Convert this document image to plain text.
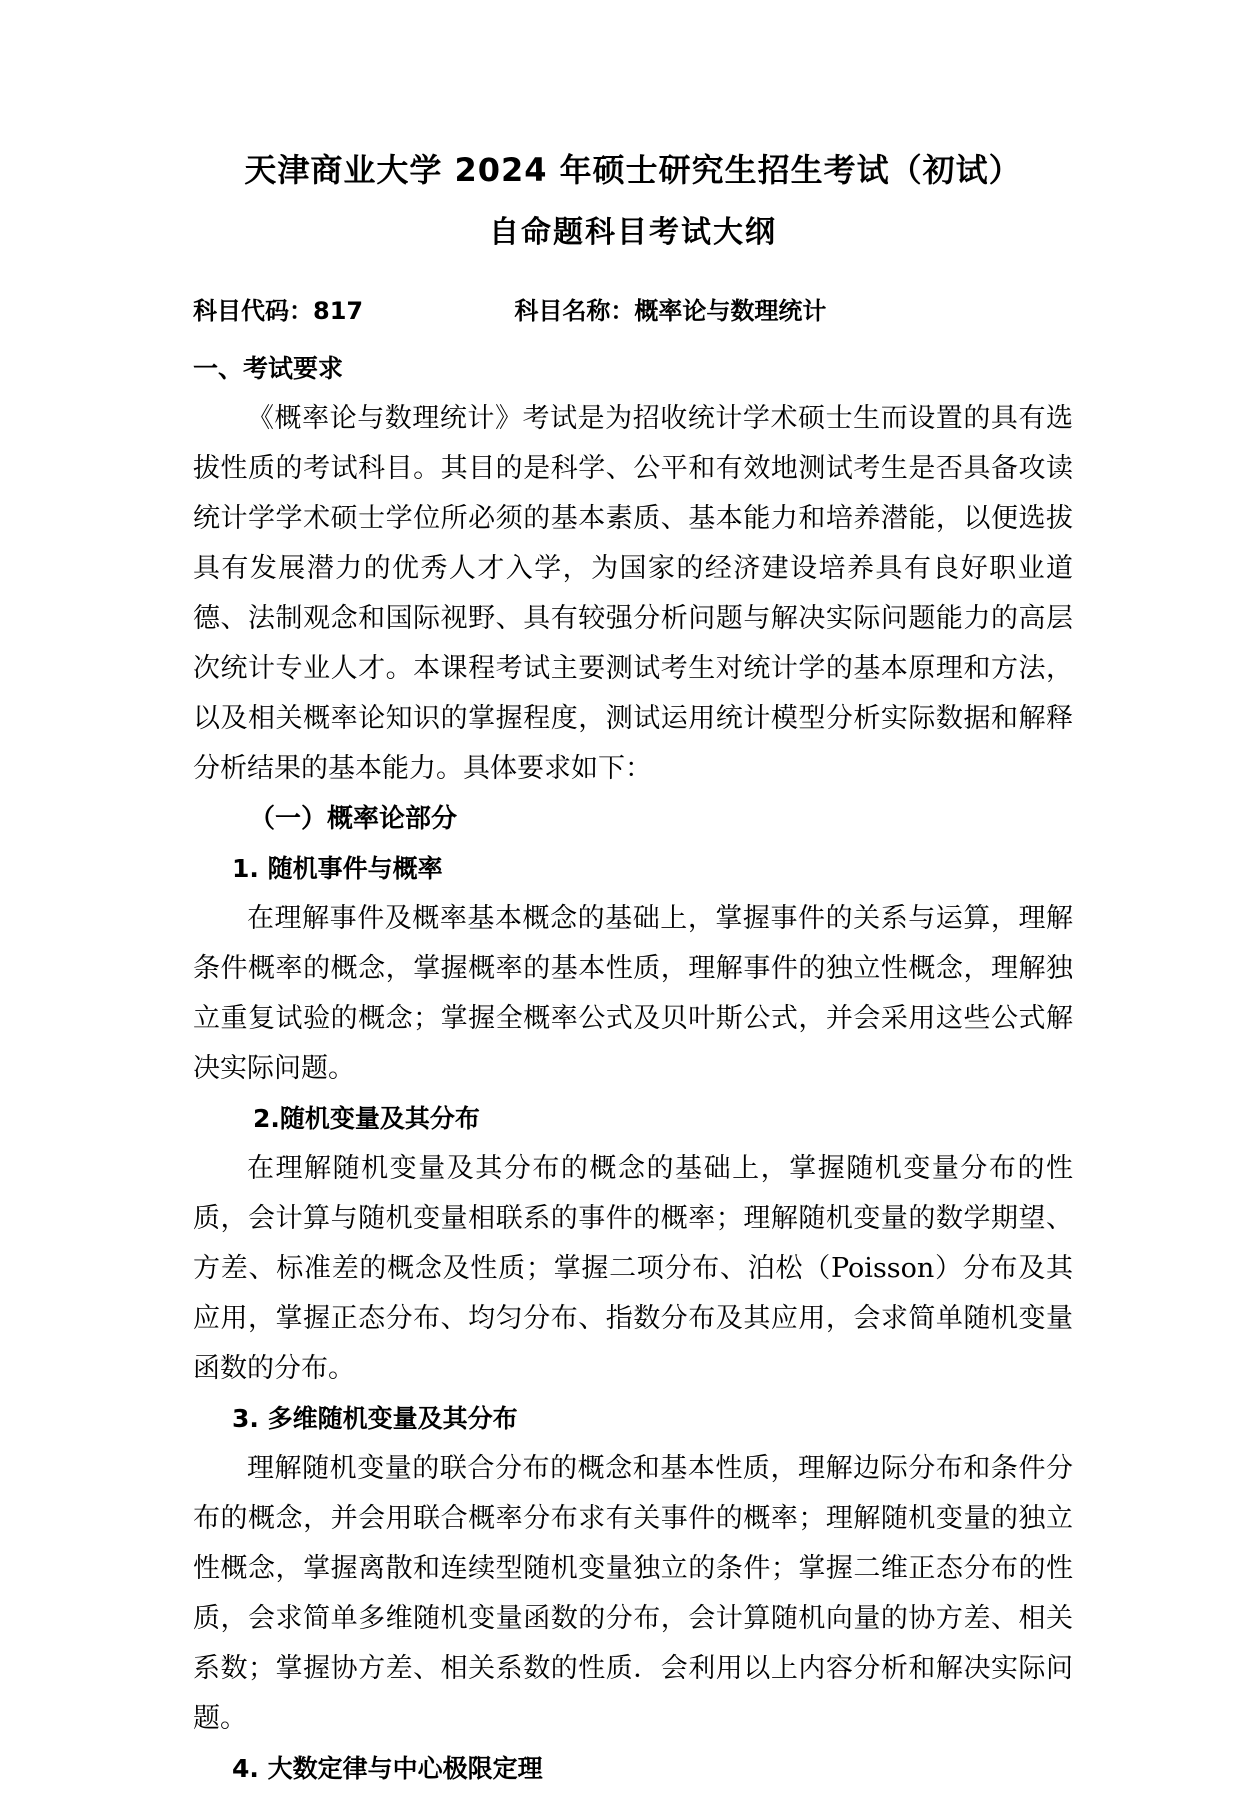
天津商业大学 2024 年硕士研究生招生考试（初试）
自命题科目考试大纲
科目代码：817	科目名称：概率论与数理统计
一、考试要求

《概率论与数理统计》考试是为招收统计学术硕士生而设置的具有选拔性质的考试科目。其目的是科学、公平和有效地测试考生是否具备攻读统计学学术硕士学位所必须的基本素质、基本能力和培养潜能，以便选拔具有发展潜力的优秀人才入学，为国家的经济建设培养具有良好职业道德、法制观念和国际视野、具有较强分析问题与解决实际问题能力的高层次统计专业人才。本课程考试主要测试考生对统计学的基本原理和方法，以及相关概率论知识的掌握程度，测试运用统计模型分析实际数据和解释分析结果的基本能力。具体要求如下：

（一）概率论部分
1. 随机事件与概率

在理解事件及概率基本概念的基础上，掌握事件的关系与运算，理解条件概率的概念，掌握概率的基本性质，理解事件的独立性概念，理解独立重复试验的概念；掌握全概率公式及贝叶斯公式，并会采用这些公式解决实际问题。

2.随机变量及其分布

在理解随机变量及其分布的概念的基础上，掌握随机变量分布的性质，会计算与随机变量相联系的事件的概率；理解随机变量的数学期望、方差、标准差的概念及性质；掌握二项分布、泊松（Poisson）分布及其应用，掌握正态分布、均匀分布、指数分布及其应用，会求简单随机变量函数的分布。

3. 多维随机变量及其分布

理解随机变量的联合分布的概念和基本性质，理解边际分布和条件分布的概念，并会用联合概率分布求有关事件的概率；理解随机变量的独立性概念，掌握离散和连续型随机变量独立的条件；掌握二维正态分布的性质，会求简单多维随机变量函数的分布，会计算随机向量的协方差、相关系数；掌握协方差、相关系数的性质．会利用以上内容分析和解决实际问题。

4. 大数定律与中心极限定理
